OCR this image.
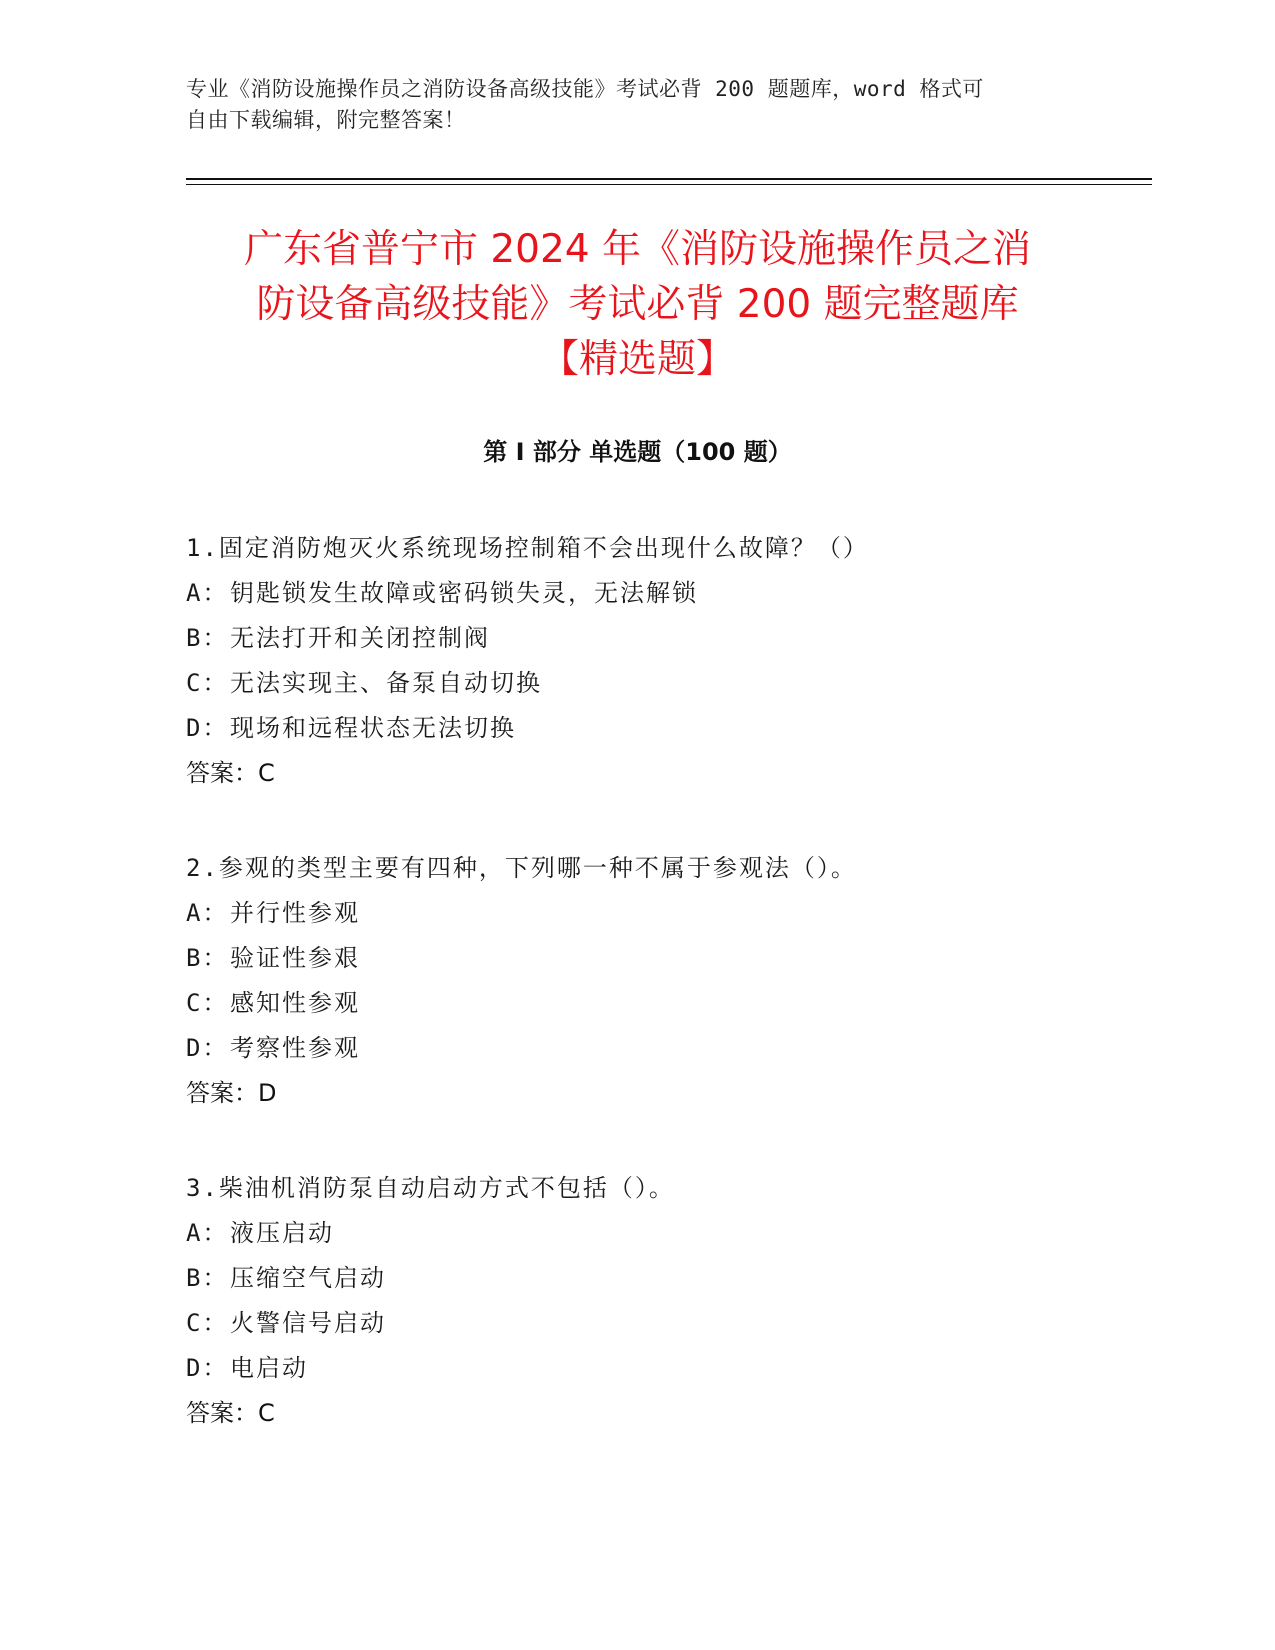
专业《消防设施操作员之消防设备高级技能》考试必背 200 题题库，word 格式可
自由下载编辑，附完整答案！
广东省普宁市 2024 年《消防设施操作员之消
防设备高级技能》考试必背 200 题完整题库
【精选题】
第 I 部分 单选题（100 题）
1.固定消防炮灭火系统现场控制箱不会出现什么故障？（）
A：钥匙锁发生故障或密码锁失灵，无法解锁
B：无法打开和关闭控制阀
C：无法实现主、备泵自动切换
D：现场和远程状态无法切换
答案：C
2.参观的类型主要有四种，下列哪一种不属于参观法（）。
A：并行性参观
B：验证性参艰
C：感知性参观
D：考察性参观
答案：D
3.柴油机消防泵自动启动方式不包括（）。
A：液压启动
B：压缩空气启动
C：火警信号启动
D：电启动
答案：C
